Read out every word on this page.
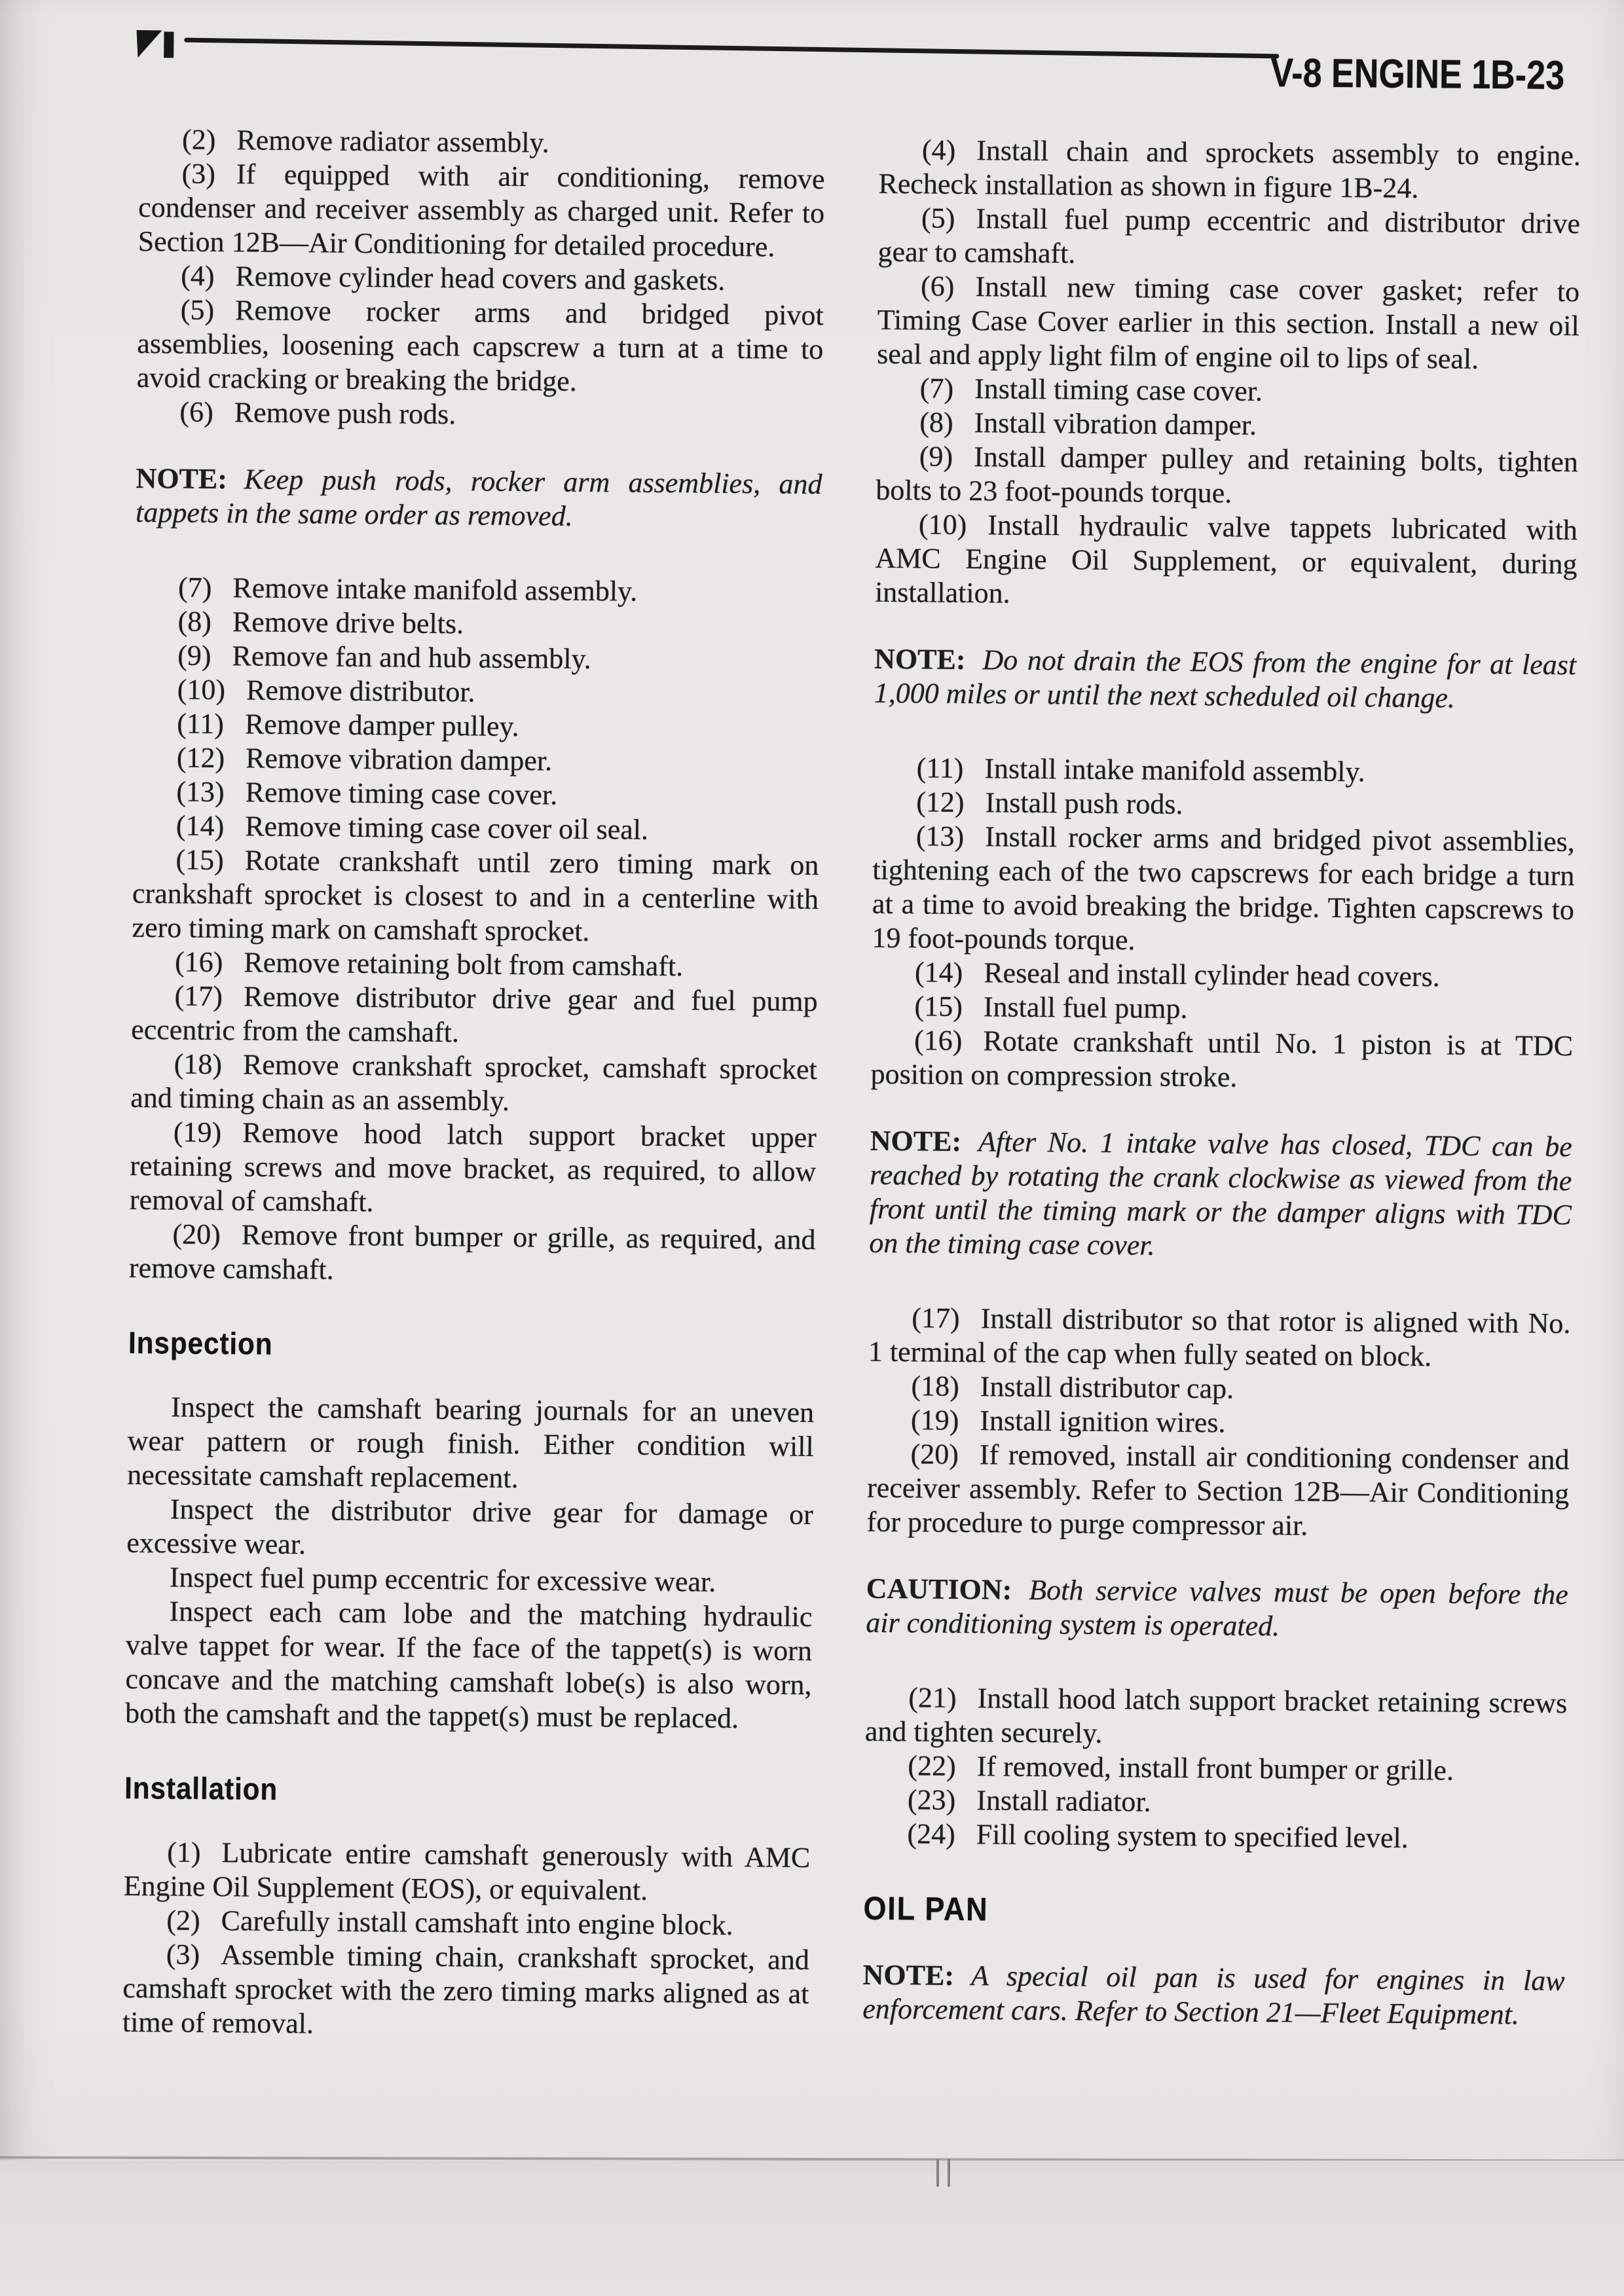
V-8 ENGINE 1B-23

(2) Remove radiator assembly.

(3) If equipped with air conditioning, remove condenser and receiver assembly as charged unit. Refer to Section 12B—Air Conditioning for detailed procedure.

(4) Remove cylinder head covers and gaskets.

(5) Remove rocker arms and bridged pivot assemblies, loosening each capscrew a turn at a time to avoid cracking or breaking the bridge.

(6) Remove push rods.

NOTE: Keep push rods, rocker arm assemblies, and tappets in the same order as removed.

(7) Remove intake manifold assembly.

(8) Remove drive belts.

(9) Remove fan and hub assembly.

(10) Remove distributor.

(11) Remove damper pulley.

(12) Remove vibration damper.

(13) Remove timing case cover.

(14) Remove timing case cover oil seal.

(15) Rotate crankshaft until zero timing mark on crankshaft sprocket is closest to and in a centerline with zero timing mark on camshaft sprocket.

(16) Remove retaining bolt from camshaft.

(17) Remove distributor drive gear and fuel pump eccentric from the camshaft.

(18) Remove crankshaft sprocket, camshaft sprocket and timing chain as an assembly.

(19) Remove hood latch support bracket upper retaining screws and move bracket, as required, to allow removal of camshaft.

(20) Remove front bumper or grille, as required, and remove camshaft.

Inspection

Inspect the camshaft bearing journals for an uneven wear pattern or rough finish. Either condition will necessitate camshaft replacement.

Inspect the distributor drive gear for damage or excessive wear.

Inspect fuel pump eccentric for excessive wear.

Inspect each cam lobe and the matching hydraulic valve tappet for wear. If the face of the tappet(s) is worn concave and the matching camshaft lobe(s) is also worn, both the camshaft and the tappet(s) must be replaced.

Installation

(1) Lubricate entire camshaft generously with AMC Engine Oil Supplement (EOS), or equivalent.

(2) Carefully install camshaft into engine block.

(3) Assemble timing chain, crankshaft sprocket, and camshaft sprocket with the zero timing marks aligned as at time of removal.

(4) Install chain and sprockets assembly to engine. Recheck installation as shown in figure 1B-24.

(5) Install fuel pump eccentric and distributor drive gear to camshaft.

(6) Install new timing case cover gasket; refer to Timing Case Cover earlier in this section. Install a new oil seal and apply light film of engine oil to lips of seal.

(7) Install timing case cover.

(8) Install vibration damper.

(9) Install damper pulley and retaining bolts, tighten bolts to 23 foot-pounds torque.

(10) Install hydraulic valve tappets lubricated with AMC Engine Oil Supplement, or equivalent, during installation.

NOTE: Do not drain the EOS from the engine for at least 1,000 miles or until the next scheduled oil change.

(11) Install intake manifold assembly.

(12) Install push rods.

(13) Install rocker arms and bridged pivot assemblies, tightening each of the two capscrews for each bridge a turn at a time to avoid breaking the bridge. Tighten capscrews to 19 foot-pounds torque.

(14) Reseal and install cylinder head covers.

(15) Install fuel pump.

(16) Rotate crankshaft until No. 1 piston is at TDC position on compression stroke.

NOTE: After No. 1 intake valve has closed, TDC can be reached by rotating the crank clockwise as viewed from the front until the timing mark or the damper aligns with TDC on the timing case cover.

(17) Install distributor so that rotor is aligned with No. 1 terminal of the cap when fully seated on block.

(18) Install distributor cap.

(19) Install ignition wires.

(20) If removed, install air conditioning condenser and receiver assembly. Refer to Section 12B—Air Conditioning for procedure to purge compressor air.

CAUTION: Both service valves must be open before the air conditioning system is operated.

(21) Install hood latch support bracket retaining screws and tighten securely.

(22) If removed, install front bumper or grille.

(23) Install radiator.

(24) Fill cooling system to specified level.

OIL PAN

NOTE: A special oil pan is used for engines in law enforcement cars. Refer to Section 21—Fleet Equipment.
